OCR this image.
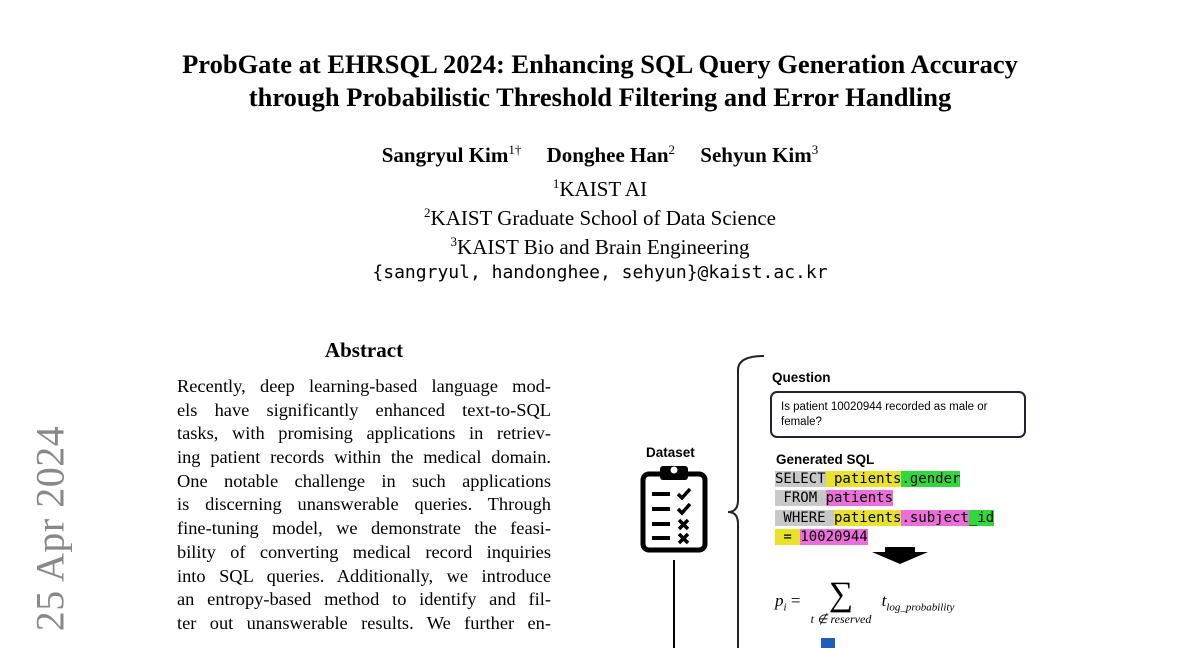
ProbGate at EHRSQL 2024: Enhancing SQL Query Generation Accuracy
through Probabilistic Threshold Filtering and Error Handling
Sangryul Kim$^{1\dagger}$ Donghee Han$^2$ Sehyun Kim$^3$
$^1$KAIST AI
$^2$KAIST Graduate School of Data Science
$^3$KAIST Bio and Brain Engineering
{sangryul, handonghee, sehyun}@kaist.ac.kr
25 Apr 2024
Abstract
Recently, deep learning-based language mod-
els have significantly enhanced text-to-SQL
tasks, with promising applications in retriev-
ing patient records within the medical domain.
One notable challenge in such applications
is discerning unanswerable queries. Through
fine-tuning model, we demonstrate the feasi-
bility of converting medical record inquiries
into SQL queries. Additionally, we introduce
an entropy-based method to identify and fil-
ter out unanswerable results. We further en-
Dataset
Question
Is patient 10020944 recorded as male or female?
Generated SQL
SELECT patients.gender
FROM patients
WHERE patients.subject_id
= 10020944
$p_i$ = ∑
t ∉ reserved
$t_{log\_probability}$
